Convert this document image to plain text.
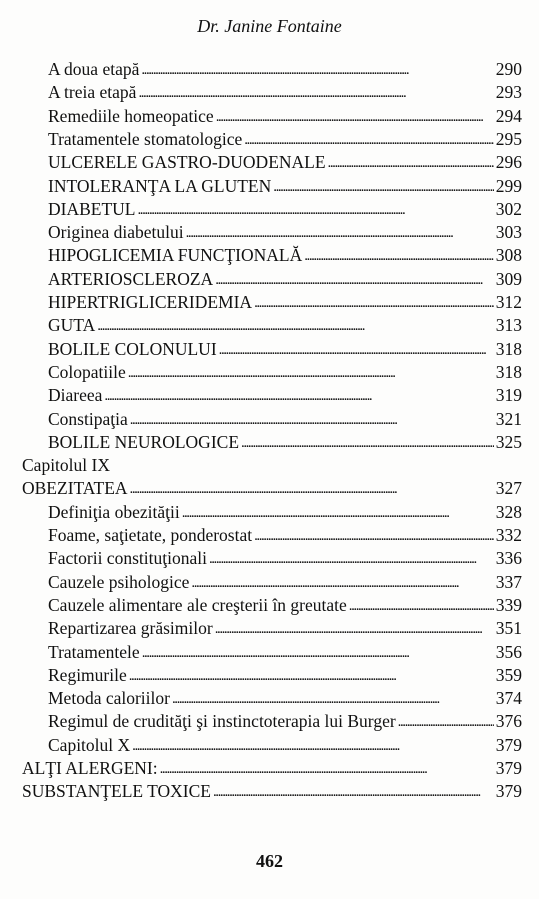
Dr. Janine Fontaine
A doua etapă . . .	290
A treia etapă . . .	293
Remediile homeopatice . . .	294
Tratamentele stomatologice . . .	295
ULCERELE GASTRO-DUODENALE . . .	296
INTOLERANŢA LA GLUTEN . . .	299
DIABETUL . . .	302
Originea diabetului . . .	303
HIPOGLICEMIA FUNCŢIONALĂ . . .	308
ARTERIOSCLEROZA . . .	309
HIPERTRIGLICERIDEMIA . . .	312
GUTA . . .	313
BOLILE COLONULUI . . .	318
Colopatiile . . .	318
Diareea . . .	319
Constipaţia . . .	321
BOLILE NEUROLOGICE . . .	325
Capitolul IX
OBEZITATEA . . .	327
Definiţia obezităţii . . .	328
Foame, saţietate, ponderostat . . .	332
Factorii constituţionali . . .	336
Cauzele psihologice . . .	337
Cauzele alimentare ale creşterii în greutate . . .	339
Repartizarea grăsimilor . . .	351
Tratamentele . . .	356
Regimurile . . .	359
Metoda caloriilor . . .	374
Regimul de crudităţi şi instinctoterapia lui Burger . . .	376
Capitolul X . . .	379
ALŢI ALERGENI: . . .	379
SUBSTANŢELE TOXICE . . .	379
462
